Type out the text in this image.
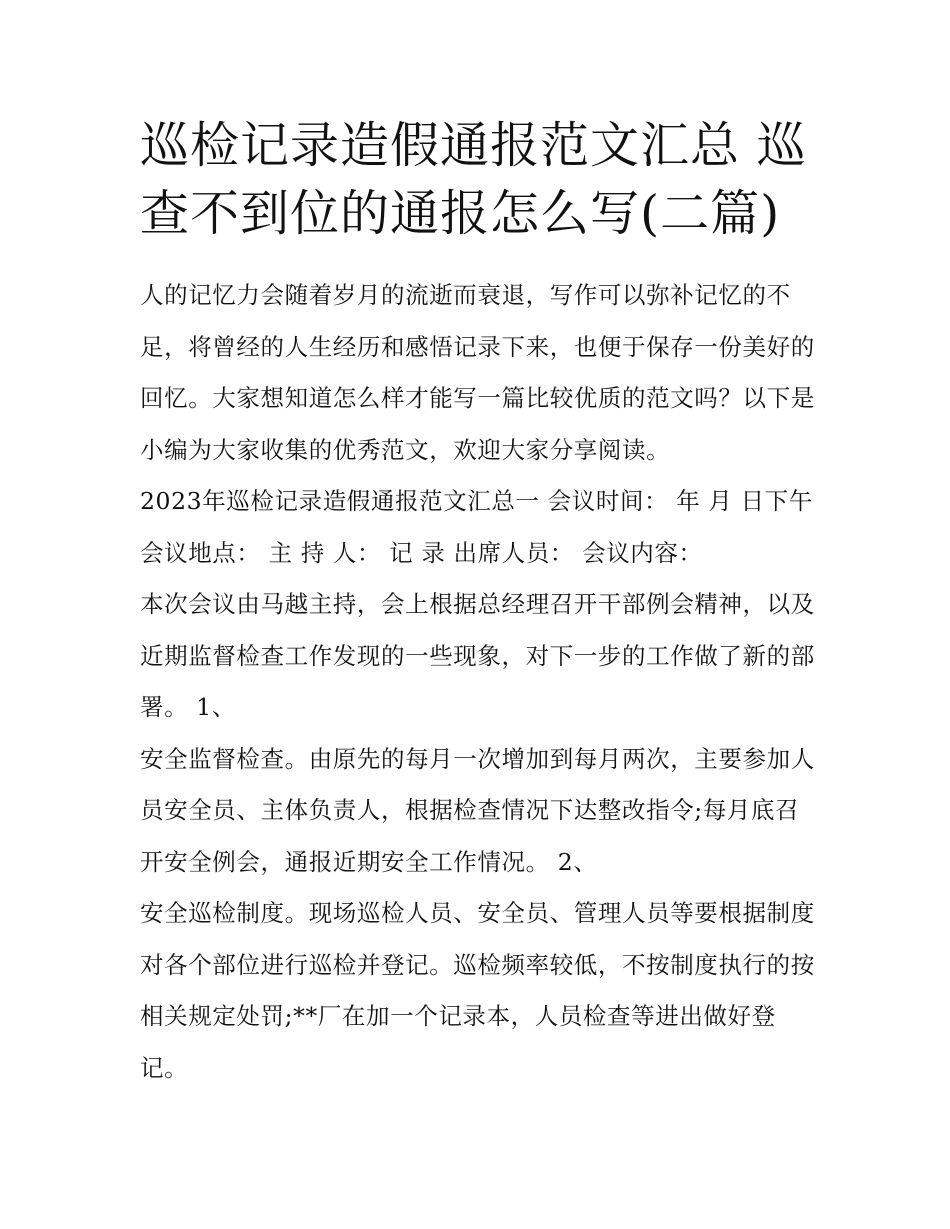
巡检记录造假通报范文汇总 巡查不到位的通报怎么写(二篇)

人的记忆力会随着岁月的流逝而衰退，写作可以弥补记忆的不足，将曾经的人生经历和感悟记录下来，也便于保存一份美好的回忆。大家想知道怎么样才能写一篇比较优质的范文吗？以下是小编为大家收集的优秀范文，欢迎大家分享阅读。

2023年巡检记录造假通报范文汇总一 会议时间： 年 月 日下午 会议地点： 主 持 人： 记 录 出席人员： 会议内容：

本次会议由马越主持，会上根据总经理召开干部例会精神，以及近期监督检查工作发现的一些现象，对下一步的工作做了新的部署。 1、

安全监督检查。由原先的每月一次增加到每月两次，主要参加人员安全员、主体负责人，根据检查情况下达整改指令;每月底召开安全例会，通报近期安全工作情况。 2、

安全巡检制度。现场巡检人员、安全员、管理人员等要根据制度对各个部位进行巡检并登记。巡检频率较低，不按制度执行的按相关规定处罚;**厂在加一个记录本，人员检查等进出做好登记。
